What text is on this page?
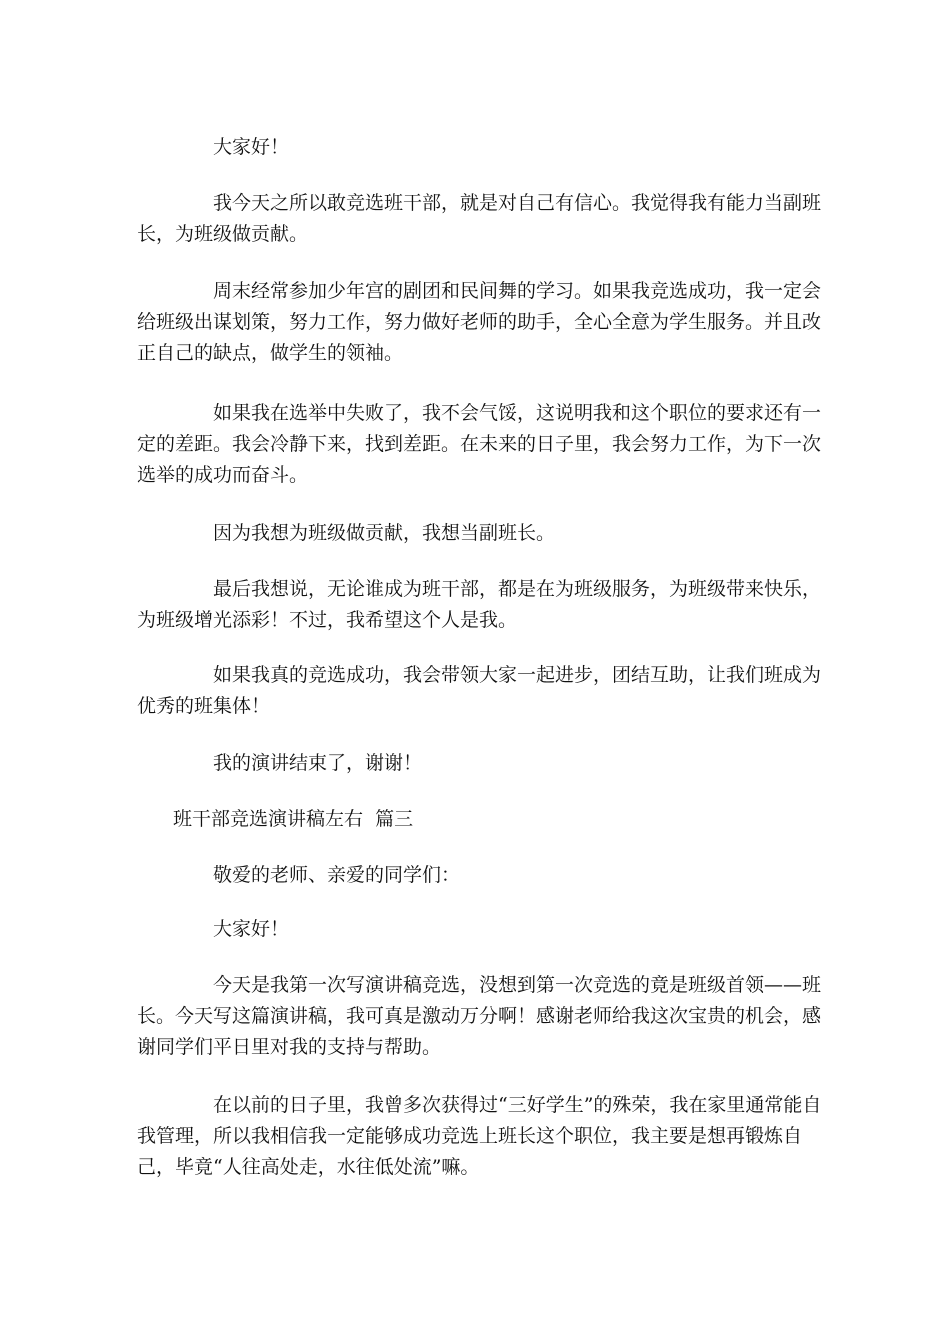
　　　　大家好！

　　　　我今天之所以敢竞选班干部，就是对自己有信心。我觉得我有能力当副班长，为班级做贡献。

　　　　周末经常参加少年宫的剧团和民间舞的学习。如果我竞选成功，我一定会给班级出谋划策，努力工作，努力做好老师的助手，全心全意为学生服务。并且改正自己的缺点，做学生的领袖。

　　　　如果我在选举中失败了，我不会气馁，这说明我和这个职位的要求还有一定的差距。我会冷静下来，找到差距。在未来的日子里，我会努力工作，为下一次选举的成功而奋斗。

　　　　因为我想为班级做贡献，我想当副班长。

　　　　最后我想说，无论谁成为班干部，都是在为班级服务，为班级带来快乐，为班级增光添彩！不过，我希望这个人是我。

　　　　如果我真的竞选成功，我会带领大家一起进步，团结互助，让我们班成为优秀的班集体！

　　　　我的演讲结束了，谢谢！

班干部竞选演讲稿左右  篇三

　　　　敬爱的老师、亲爱的同学们：

　　　　大家好！

　　　　今天是我第一次写演讲稿竞选，没想到第一次竞选的竟是班级首领——班长。今天写这篇演讲稿，我可真是激动万分啊！感谢老师给我这次宝贵的机会，感谢同学们平日里对我的支持与帮助。

　　　　在以前的日子里，我曾多次获得过“三好学生”的殊荣，我在家里通常能自我管理，所以我相信我一定能够成功竞选上班长这个职位，我主要是想再锻炼自己，毕竟“人往高处走，水往低处流”嘛。
